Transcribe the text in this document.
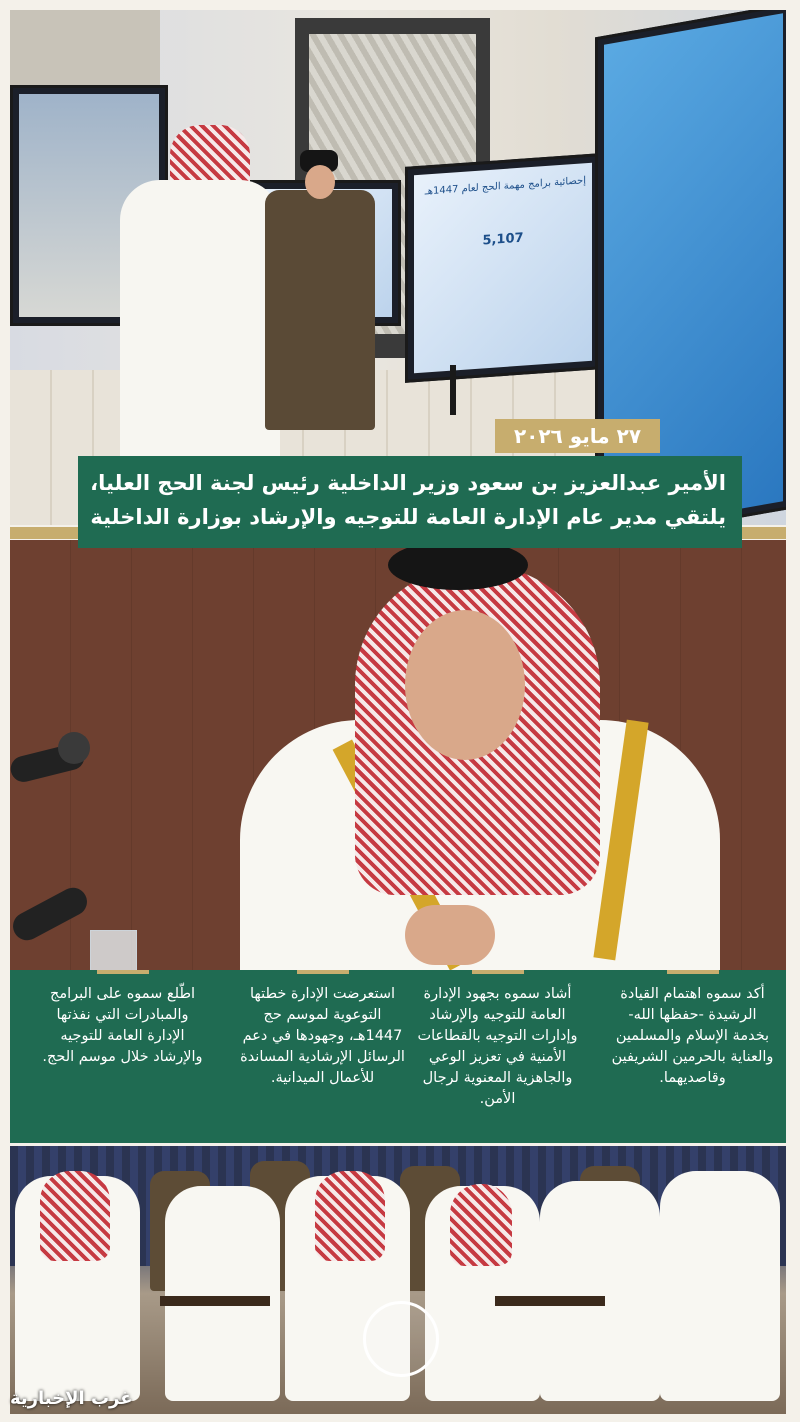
إحصائية برامج مهمة الحج لعام 1447هـ
5,107
٢٧ مايو ٢٠٢٦
الأمير عبدالعزيز بن سعود وزير الداخلية رئيس لجنة الحج العليا،
يلتقي مدير عام الإدارة العامة للتوجيه والإرشاد بوزارة الداخلية
أكد سموه اهتمام القيادة الرشيدة -حفظها الله- بخدمة الإسلام والمسلمين والعناية بالحرمين الشريفين وقاصديهما.
أشاد سموه بجهود الإدارة العامة للتوجيه والإرشاد وإدارات التوجيه بالقطاعات الأمنية في تعزيز الوعي والجاهزية المعنوية لرجال الأمن.
استعرضت الإدارة خطتها التوعوية لموسم حج 1447هـ، وجهودها في دعم الرسائل الإرشادية المساندة للأعمال الميدانية.
اطّلع سموه على البرامج والمبادرات التي نفذتها الإدارة العامة للتوجيه والإرشاد خلال موسم الحج.
غرب الإخبارية
